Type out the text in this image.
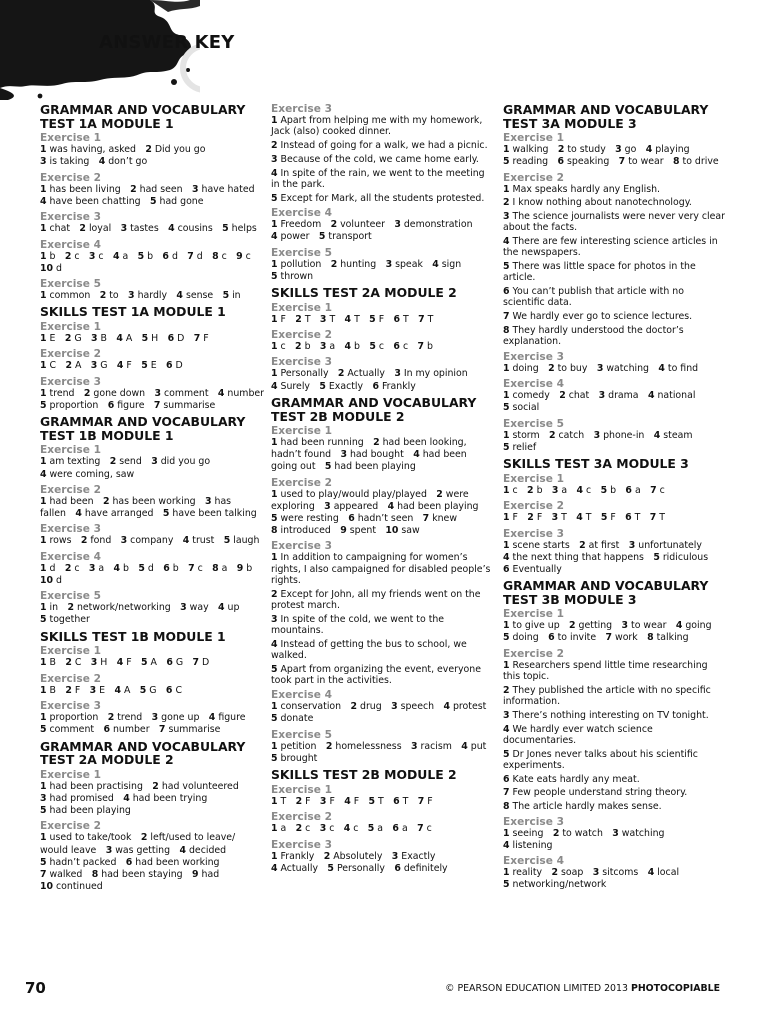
ANSWER KEY
GRAMMAR AND VOCABULARY
TEST 1A MODULE 1
Exercise 1
1 was having, asked  2 Did you go
3 is taking  4 don’t go
Exercise 2
1 has been living  2 had seen  3 have hated
4 have been chatting  5 had gone
Exercise 3
1 chat  2 loyal  3 tastes  4 cousins  5 helps
Exercise 4
1 b  2 c  3 c  4 a  5 b  6 d  7 d  8 c  9 c
10 d
Exercise 5
1 common  2 to  3 hardly  4 sense  5 in
SKILLS TEST 1A MODULE 1
Exercise 1
1 E  2 G  3 B  4 A  5 H  6 D  7 F
Exercise 2
1 C  2 A  3 G  4 F  5 E  6 D
Exercise 3
1 trend  2 gone down  3 comment  4 number
5 proportion  6 figure  7 summarise
GRAMMAR AND VOCABULARY
TEST 1B MODULE 1
Exercise 1
1 am texting  2 send  3 did you go
4 were coming, saw
Exercise 2
1 had been  2 has been working  3 has
fallen  4 have arranged  5 have been talking
Exercise 3
1 rows  2 fond  3 company  4 trust  5 laugh
Exercise 4
1 d  2 c  3 a  4 b  5 d  6 b  7 c  8 a  9 b
10 d
Exercise 5
1 in  2 network/networking  3 way  4 up
5 together
SKILLS TEST 1B MODULE 1
Exercise 1
1 B  2 C  3 H  4 F  5 A  6 G  7 D
Exercise 2
1 B  2 F  3 E  4 A  5 G  6 C
Exercise 3
1 proportion  2 trend  3 gone up  4 figure
5 comment  6 number  7 summarise
GRAMMAR AND VOCABULARY
TEST 2A MODULE 2
Exercise 1
1 had been practising  2 had volunteered
3 had promised  4 had been trying
5 had been playing
Exercise 2
1 used to take/took  2 left/used to leave/
would leave  3 was getting  4 decided
5 hadn’t packed  6 had been working
7 walked  8 had been staying  9 had
10 continued
Exercise 3
1 Apart from helping me with my homework, Jack (also) cooked dinner.
2 Instead of going for a walk, we had a picnic.
3 Because of the cold, we came home early.
4 In spite of the rain, we went to the meeting in the park.
5 Except for Mark, all the students protested.
Exercise 4
1 Freedom  2 volunteer  3 demonstration
4 power  5 transport
Exercise 5
1 pollution  2 hunting  3 speak  4 sign
5 thrown
SKILLS TEST 2A MODULE 2
Exercise 1
1 F  2 T  3 T  4 T  5 F  6 T  7 T
Exercise 2
1 c  2 b  3 a  4 b  5 c  6 c  7 b
Exercise 3
1 Personally  2 Actually  3 In my opinion
4 Surely  5 Exactly  6 Frankly
GRAMMAR AND VOCABULARY
TEST 2B MODULE 2
Exercise 1
1 had been running  2 had been looking,
hadn’t found  3 had bought  4 had been
going out  5 had been playing
Exercise 2
1 used to play/would play/played  2 were
exploring  3 appeared  4 had been playing
5 were resting  6 hadn’t seen  7 knew
8 introduced  9 spent  10 saw
Exercise 3
1 In addition to campaigning for women’s rights, I also campaigned for disabled people’s rights.
2 Except for John, all my friends went on the protest march.
3 In spite of the cold, we went to the mountains.
4 Instead of getting the bus to school, we walked.
5 Apart from organizing the event, everyone took part in the activities.
Exercise 4
1 conservation  2 drug  3 speech  4 protest
5 donate
Exercise 5
1 petition  2 homelessness  3 racism  4 put
5 brought
SKILLS TEST 2B MODULE 2
Exercise 1
1 T  2 F  3 F  4 F  5 T  6 T  7 F
Exercise 2
1 a  2 c  3 c  4 c  5 a  6 a  7 c
Exercise 3
1 Frankly  2 Absolutely  3 Exactly
4 Actually  5 Personally  6 definitely
GRAMMAR AND VOCABULARY
TEST 3A MODULE 3
Exercise 1
1 walking  2 to study  3 go  4 playing
5 reading  6 speaking  7 to wear  8 to drive
Exercise 2
1 Max speaks hardly any English.
2 I know nothing about nanotechnology.
3 The science journalists were never very clear about the facts.
4 There are few interesting science articles in the newspapers.
5 There was little space for photos in the article.
6 You can’t publish that article with no scientific data.
7 We hardly ever go to science lectures.
8 They hardly understood the doctor’s explanation.
Exercise 3
1 doing  2 to buy  3 watching  4 to find
Exercise 4
1 comedy  2 chat  3 drama  4 national
5 social
Exercise 5
1 storm  2 catch  3 phone-in  4 steam
5 relief
SKILLS TEST 3A MODULE 3
Exercise 1
1 c  2 b  3 a  4 c  5 b  6 a  7 c
Exercise 2
1 F  2 F  3 T  4 T  5 F  6 T  7 T
Exercise 3
1 scene starts  2 at first  3 unfortunately
4 the next thing that happens  5 ridiculous
6 Eventually
GRAMMAR AND VOCABULARY
TEST 3B MODULE 3
Exercise 1
1 to give up  2 getting  3 to wear  4 going
5 doing  6 to invite  7 work  8 talking
Exercise 2
1 Researchers spend little time researching this topic.
2 They published the article with no specific information.
3 There’s nothing interesting on TV tonight.
4 We hardly ever watch science documentaries.
5 Dr Jones never talks about his scientific experiments.
6 Kate eats hardly any meat.
7 Few people understand string theory.
8 The article hardly makes sense.
Exercise 3
1 seeing  2 to watch  3 watching
4 listening
Exercise 4
1 reality  2 soap  3 sitcoms  4 local
5 networking/network
70	© PEARSON EDUCATION LIMITED 2013 PHOTOCOPIABLE
